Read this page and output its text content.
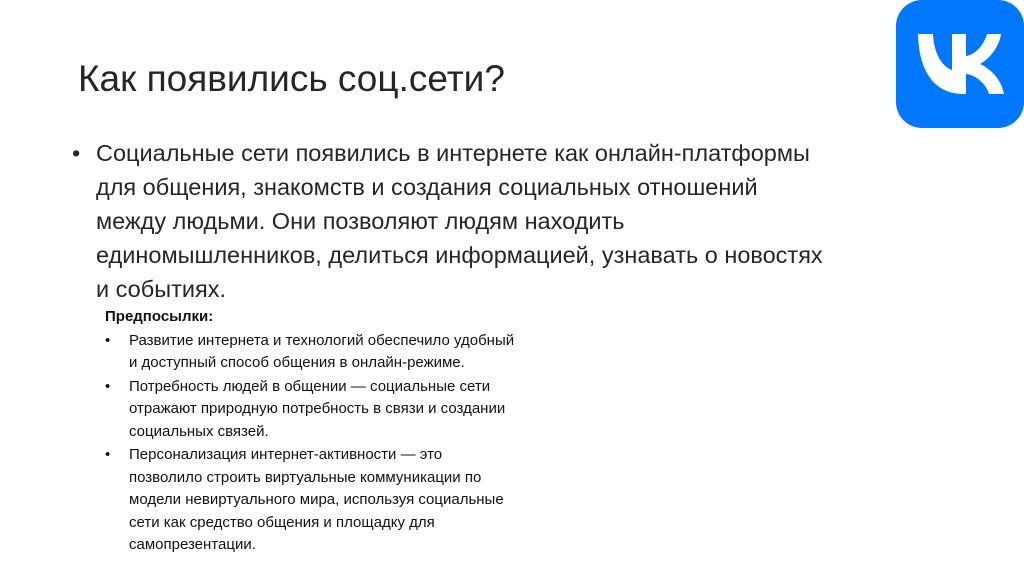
Как появились соц.сети?
• Социальные сети появились в интернете как онлайн-платформы
для общения, знакомств и создания социальных отношений
между людьми. Они позволяют людям находить
единомышленников, делиться информацией, узнавать о новостях
и событиях.
Предпосылки:
• Развитие интернета и технологий обеспечило удобный
и доступный способ общения в онлайн-режиме.
• Потребность людей в общении — социальные сети
отражают природную потребность в связи и создании
социальных связей.
• Персонализация интернет-активности — это
позволило строить виртуальные коммуникации по
модели невиртуального мира, используя социальные
сети как средство общения и площадку для
самопрезентации.
